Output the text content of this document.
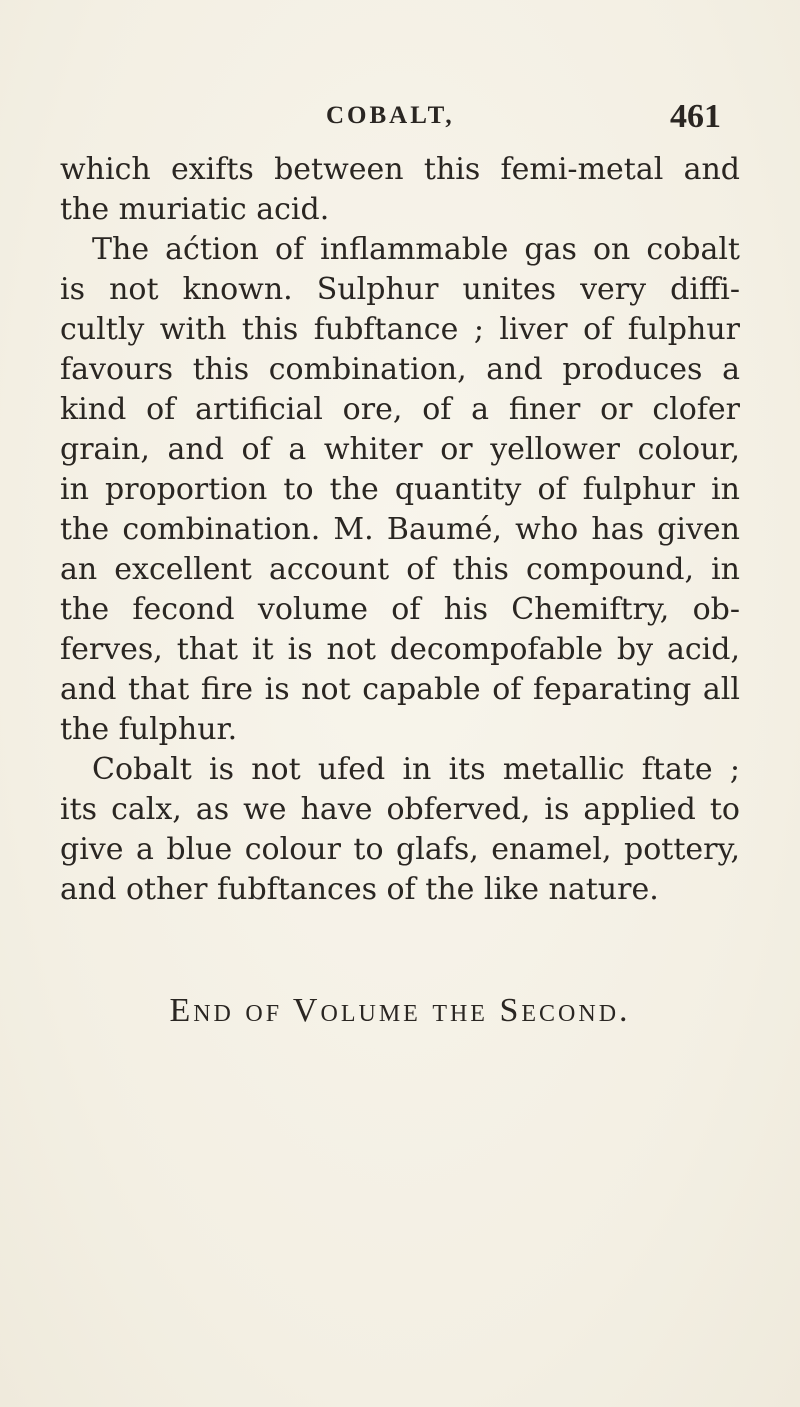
COBALT,	461
which exifts between this femi-metal and
the muriatic acid.
The aćtion of inflammable gas on cobalt
is not known. Sulphur unites very diffi-
cultly with this fubftance ; liver of fulphur
favours this combination, and produces a
kind of artificial ore, of a finer or clofer
grain, and of a whiter or yellower colour,
in proportion to the quantity of fulphur in
the combination. M. Baumé, who has given
an excellent account of this compound, in
the fecond volume of his Chemiftry, ob-
ferves, that it is not decompofable by acid,
and that fire is not capable of feparating all
the fulphur.
Cobalt is not ufed in its metallic ftate ;
its calx, as we have obferved, is applied to
give a blue colour to glafs, enamel, pottery,
and other fubftances of the like nature.
End of Volume the Second.
